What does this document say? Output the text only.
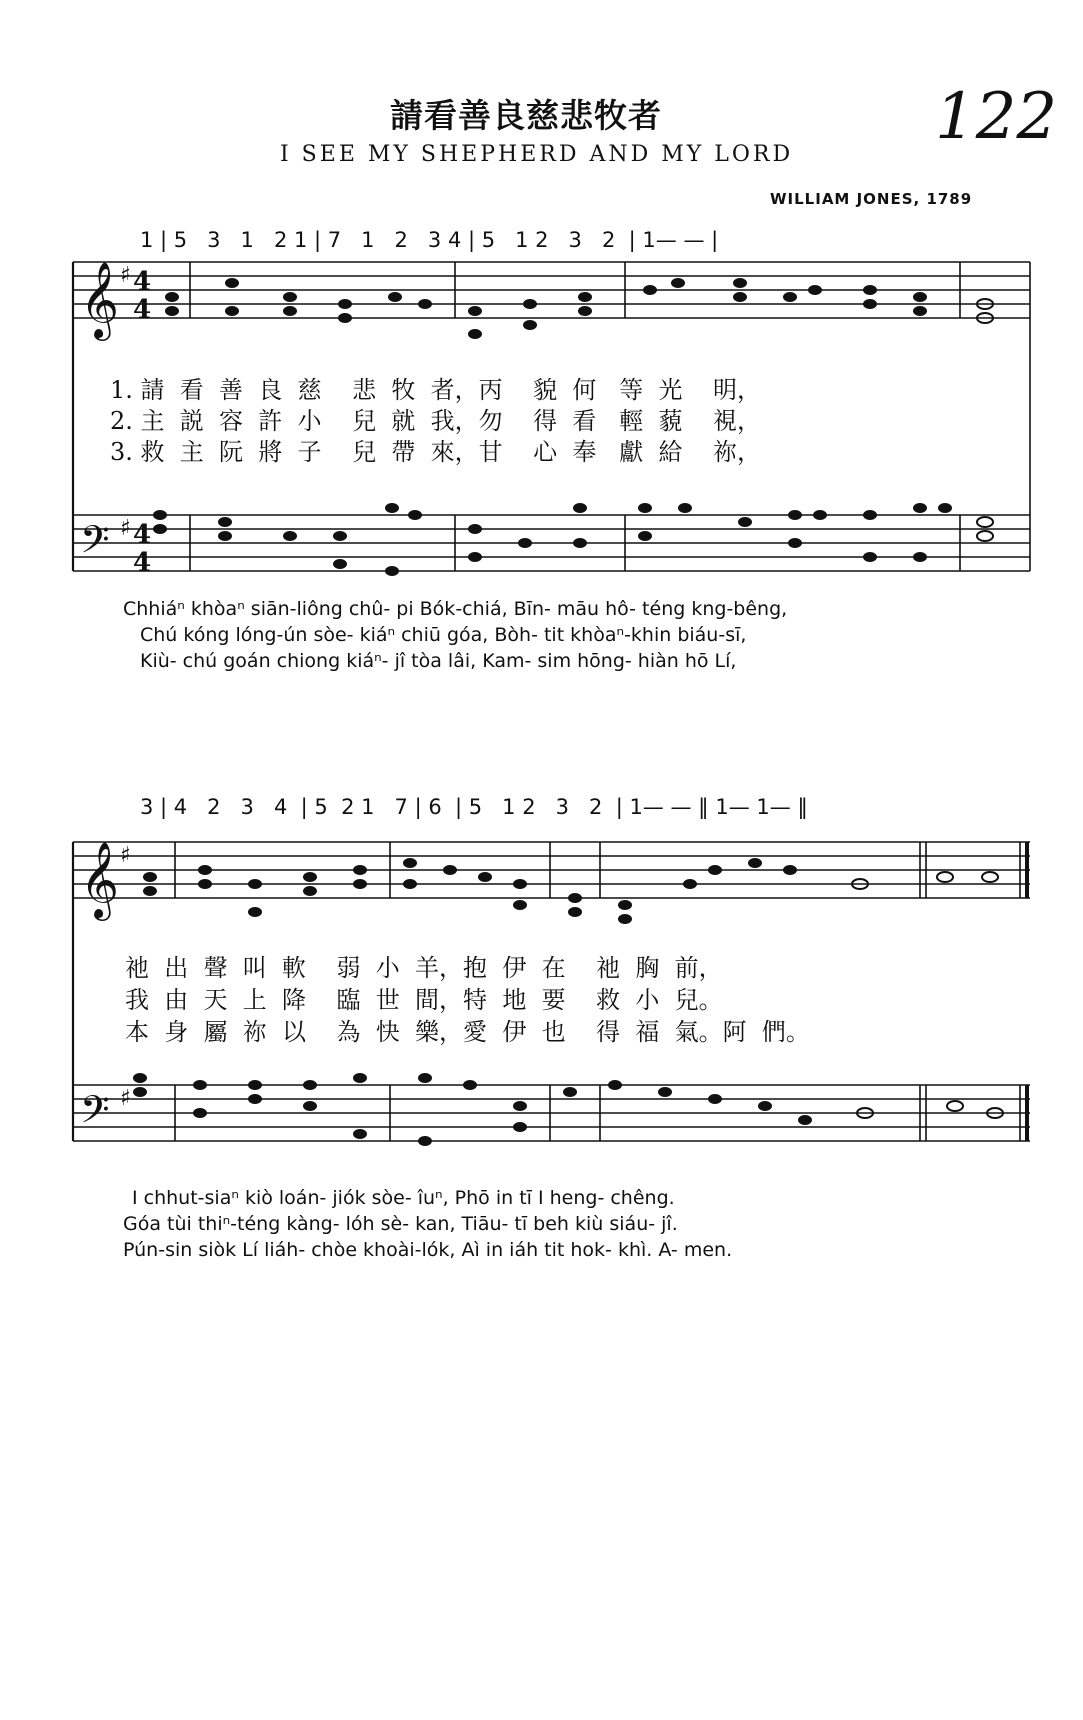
請看善良慈悲牧者
I SEE MY SHEPHERD AND MY LORD
122
WILLIAM JONES, 1789
1 | 5   3   1   2 1 | 7   1   2   3 4 | 5   1 2   3   2  | 1— — |
𝄞
𝄞
𝄢
𝄢
♯
♯
♯
♯
4
4
4
4
1. 請  看  善  良  慈    悲  牧  者，丙    貌  何   等  光    明，
2. 主  説  容  許  小    兒  就  我，勿    得  看   輕  藐    視，
3. 救  主  阮  將  子    兒  帶  來，甘    心  奉   獻  給    祢，
Chhiáⁿ khòaⁿ siān-liông chû- pi Bók-chiá, Bīn- māu hô- téng kng-bêng,
Chú kóng lóng-ún sòe- kiáⁿ chiū góa, Bòh- tit khòaⁿ-khin biáu-sī,
Kiù- chú goán chiong kiáⁿ- jî tòa lâi, Kam- sim hōng- hiàn hō Lí,
3 | 4   2   3   4  | 5  2 1   7 | 6  | 5   1 2   3   2  | 1— — ‖ 1— 1— ‖
祂  出  聲  叫  軟    弱  小  羊，抱  伊  在    祂  胸  前，
我  由  天  上  降    臨  世  間，特  地  要    救  小  兒。
本  身  屬  祢  以    為  快  樂，愛  伊  也    得  福  氣。阿  們。
I chhut-siaⁿ kiò loán- jiók sòe- îuⁿ, Phō in tī I heng- chêng.
Góa tùi thiⁿ-téng kàng- lóh sè- kan, Tiāu- tī beh kiù siáu- jî.
Pún-sin siòk Lí liáh- chòe khoài-lók, Aì in iáh tit hok- khì. A- men.
